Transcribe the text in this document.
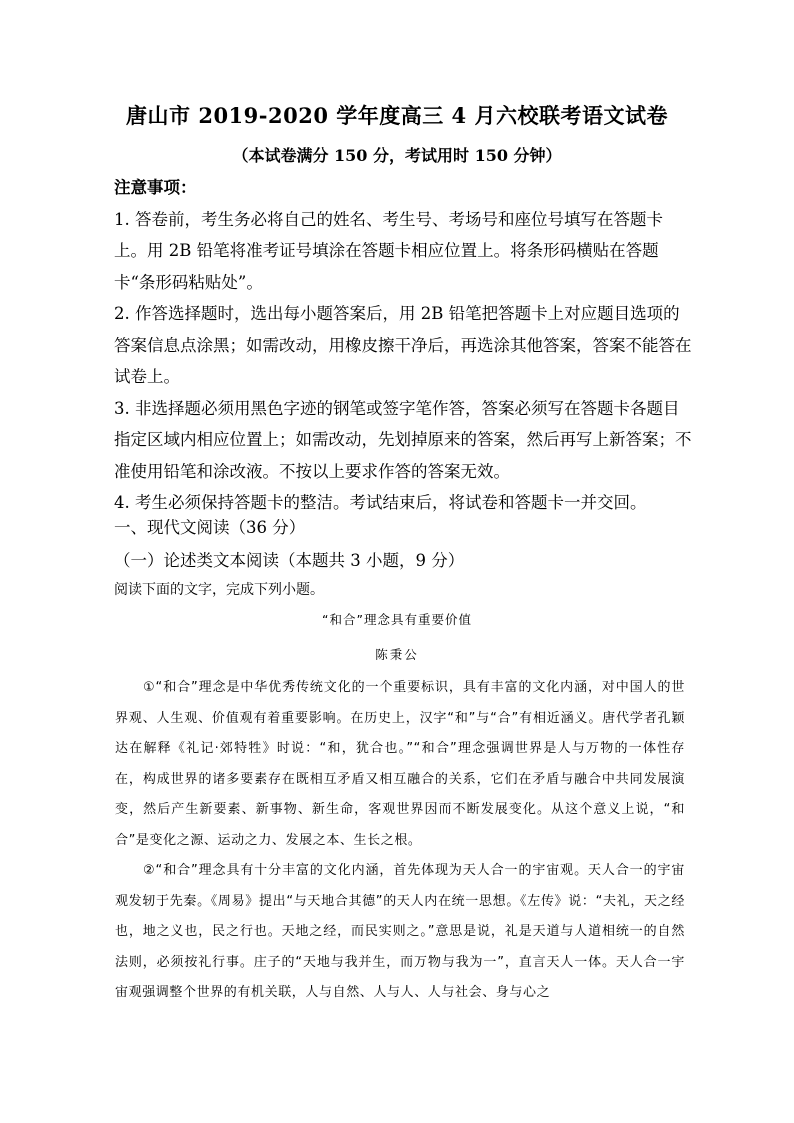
唐山市 2019-2020 学年度高三 4 月六校联考语文试卷
（本试卷满分 150 分，考试用时 150 分钟）

注意事项：

1. 答卷前，考生务必将自己的姓名、考生号、考场号和座位号填写在答题卡上。用 2B 铅笔将准考证号填涂在答题卡相应位置上。将条形码横贴在答题卡“条形码粘贴处”。

2. 作答选择题时，选出每小题答案后，用 2B 铅笔把答题卡上对应题目选项的答案信息点涂黑；如需改动，用橡皮擦干净后，再选涂其他答案，答案不能答在试卷上。

3. 非选择题必须用黑色字迹的钢笔或签字笔作答，答案必须写在答题卡各题目指定区域内相应位置上；如需改动，先划掉原来的答案，然后再写上新答案；不准使用铅笔和涂改液。不按以上要求作答的答案无效。

4. 考生必须保持答题卡的整洁。考试结束后，将试卷和答题卡一并交回。

一、现代文阅读（36 分）
（一）论述类文本阅读（本题共 3 小题，9 分）
阅读下面的文字，完成下列小题。
“和合”理念具有重要价值
陈秉公

①“和合”理念是中华优秀传统文化的一个重要标识，具有丰富的文化内涵，对中国人的世界观、人生观、价值观有着重要影响。在历史上，汉字“和”与“合”有相近涵义。唐代学者孔颖达在解释《礼记·郊特牲》时说：“和，犹合也。”“和合”理念强调世界是人与万物的一体性存在，构成世界的诸多要素存在既相互矛盾又相互融合的关系，它们在矛盾与融合中共同发展演变，然后产生新要素、新事物、新生命，客观世界因而不断发展变化。从这个意义上说，“和合”是变化之源、运动之力、发展之本、生长之根。

②“和合”理念具有十分丰富的文化内涵，首先体现为天人合一的宇宙观。天人合一的宇宙观发轫于先秦。《周易》提出“与天地合其德”的天人内在统一思想。《左传》说：“夫礼，天之经也，地之义也，民之行也。天地之经，而民实则之。”意思是说，礼是天道与人道相统一的自然法则，必须按礼行事。庄子的“天地与我并生，而万物与我为一”，直言天人一体。天人合一宇宙观强调整个世界的有机关联，人与自然、人与人、人与社会、身与心之
